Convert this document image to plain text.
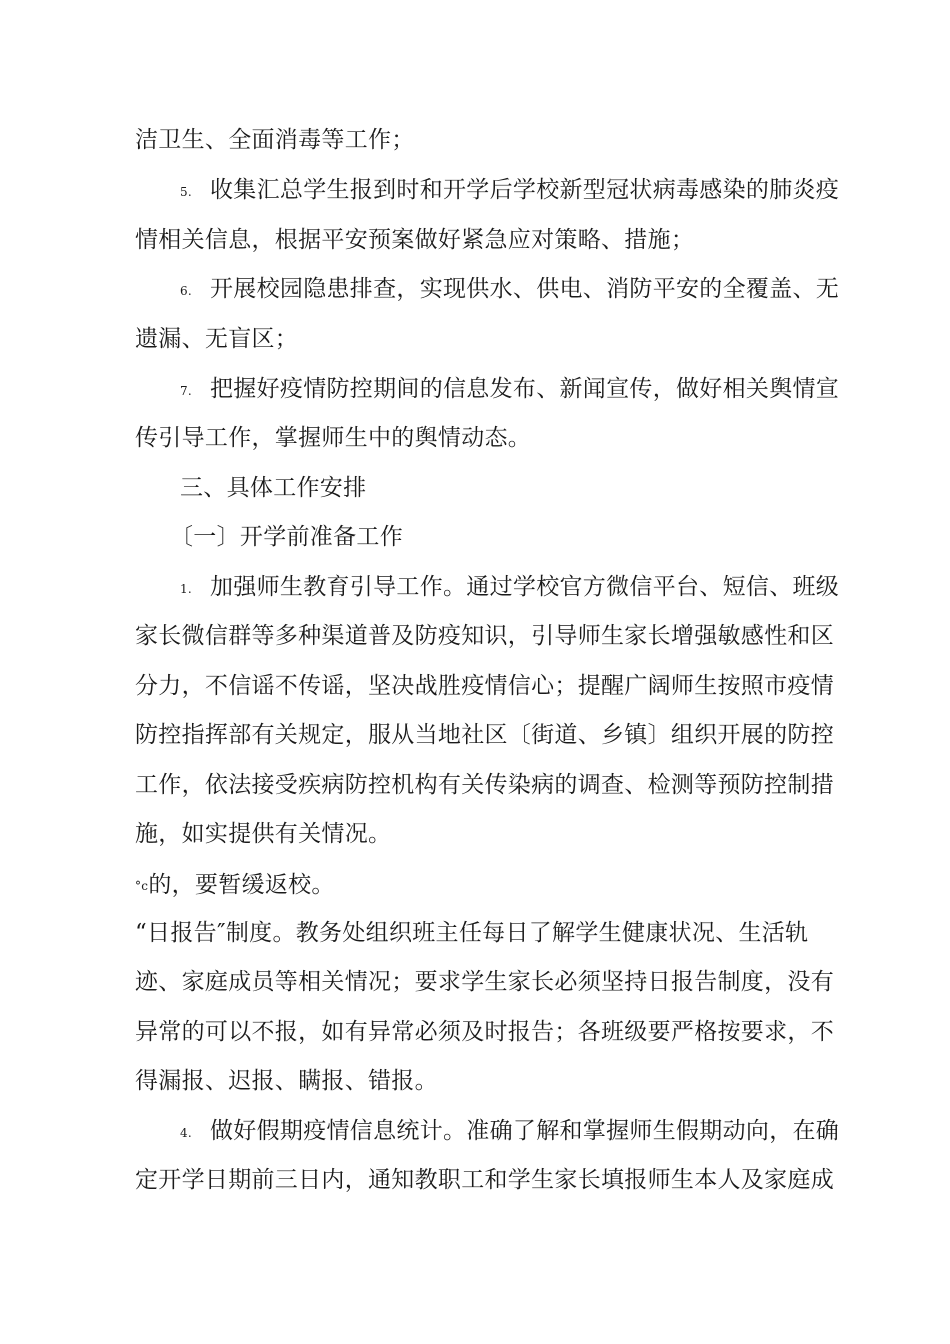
洁卫生、全面消毒等工作；
5. 收集汇总学生报到时和开学后学校新型冠状病毒感染的肺炎疫
情相关信息，根据平安预案做好紧急应对策略、措施；
6. 开展校园隐患排查，实现供水、供电、消防平安的全覆盖、无
遗漏、无盲区；
7. 把握好疫情防控期间的信息发布、新闻宣传，做好相关舆情宣
传引导工作，掌握师生中的舆情动态。
三、具体工作安排
〔一〕开学前准备工作
1. 加强师生教育引导工作。通过学校官方微信平台、短信、班级
家长微信群等多种渠道普及防疫知识，引导师生家长增强敏感性和区
分力，不信谣不传谣，坚决战胜疫情信心；提醒广阔师生按照市疫情
防控指挥部有关规定，服从当地社区〔街道、乡镇〕组织开展的防控
工作，依法接受疾病防控机构有关传染病的调查、检测等预防控制措
施，如实提供有关情况。
°c的，要暂缓返校。
“日报告″制度。教务处组织班主任每日了解学生健康状况、生活轨
迹、家庭成员等相关情况；要求学生家长必须坚持日报告制度，没有
异常的可以不报，如有异常必须及时报告；各班级要严格按要求，不
得漏报、迟报、瞒报、错报。
4. 做好假期疫情信息统计。准确了解和掌握师生假期动向，在确
定开学日期前三日内，通知教职工和学生家长填报师生本人及家庭成
